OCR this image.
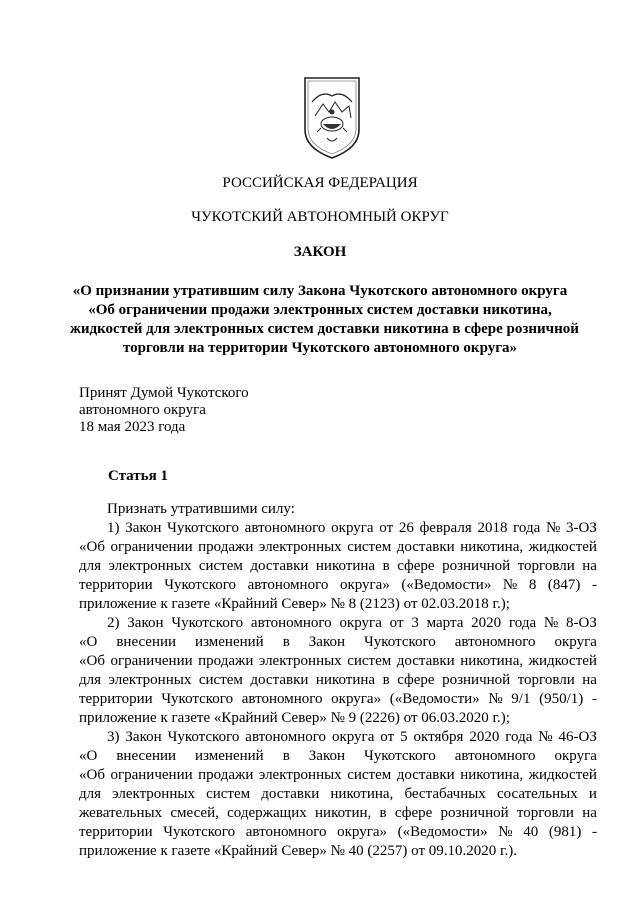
РОССИЙСКАЯ ФЕДЕРАЦИЯ
ЧУКОТСКИЙ АВТОНОМНЫЙ ОКРУГ
ЗАКОН
«О признании утратившим силу Закона Чукотского автономного округа
«Об ограничении продажи электронных систем доставки никотина,
жидкостей для электронных систем доставки никотина в сфере розничной
торговли на территории Чукотского автономного округа»
Принят Думой Чукотского
автономного округа
18 мая 2023 года
Статья 1
Признать утратившими силу:
1) Закон Чукотского автономного округа от 26 февраля 2018 года № 3-ОЗ
«Об ограничении продажи электронных систем доставки никотина, жидкостей
для электронных систем доставки никотина в сфере розничной торговли на
территории Чукотского автономного округа» («Ведомости» № 8 (847) -
приложение к газете «Крайний Север» № 8 (2123) от 02.03.2018 г.);
2) Закон Чукотского автономного округа от 3 марта 2020 года № 8-ОЗ
«О внесении изменений в Закон Чукотского автономного округа
«Об ограничении продажи электронных систем доставки никотина, жидкостей
для электронных систем доставки никотина в сфере розничной торговли на
территории Чукотского автономного округа» («Ведомости» № 9/1 (950/1) -
приложение к газете «Крайний Север» № 9 (2226) от 06.03.2020 г.);
3) Закон Чукотского автономного округа от 5 октября 2020 года № 46-ОЗ
«О внесении изменений в Закон Чукотского автономного округа
«Об ограничении продажи электронных систем доставки никотина, жидкостей
для электронных систем доставки никотина, бестабачных сосательных и
жевательных смесей, содержащих никотин, в сфере розничной торговли на
территории Чукотского автономного округа» («Ведомости» № 40 (981) -
приложение к газете «Крайний Север» № 40 (2257) от 09.10.2020 г.).
